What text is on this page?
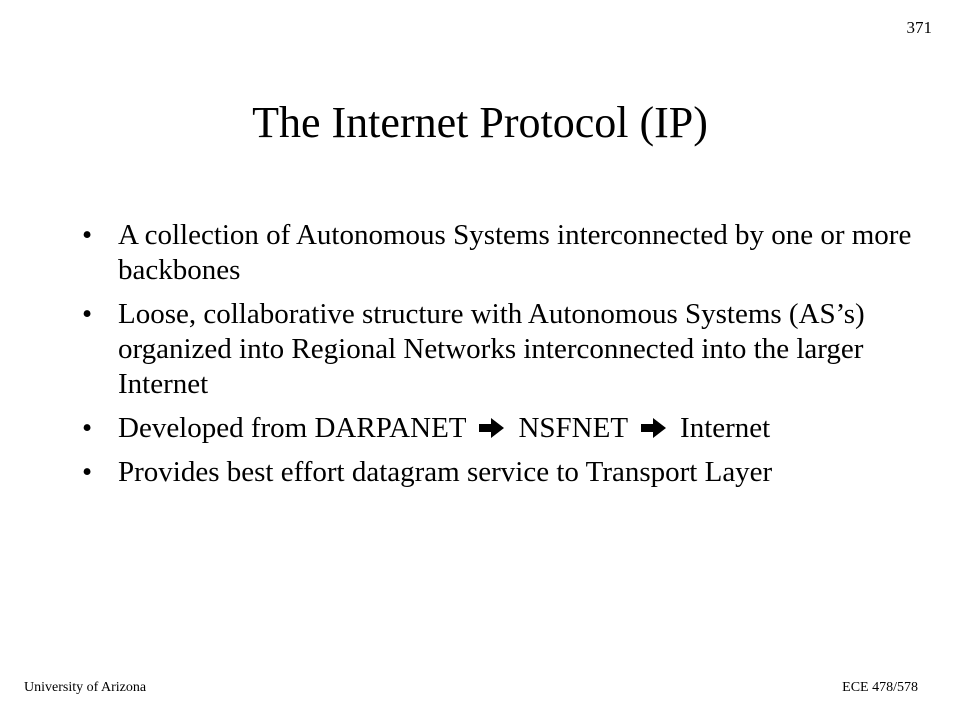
371
The Internet Protocol (IP)
• A collection of Autonomous Systems interconnected by one or more backbones
• Loose, collaborative structure with Autonomous Systems (AS’s) organized into Regional Networks interconnected into the larger Internet
• Developed from DARPANET NSFNET Internet
• Provides best effort datagram service to Transport Layer
University of Arizona	ECE 478/578
